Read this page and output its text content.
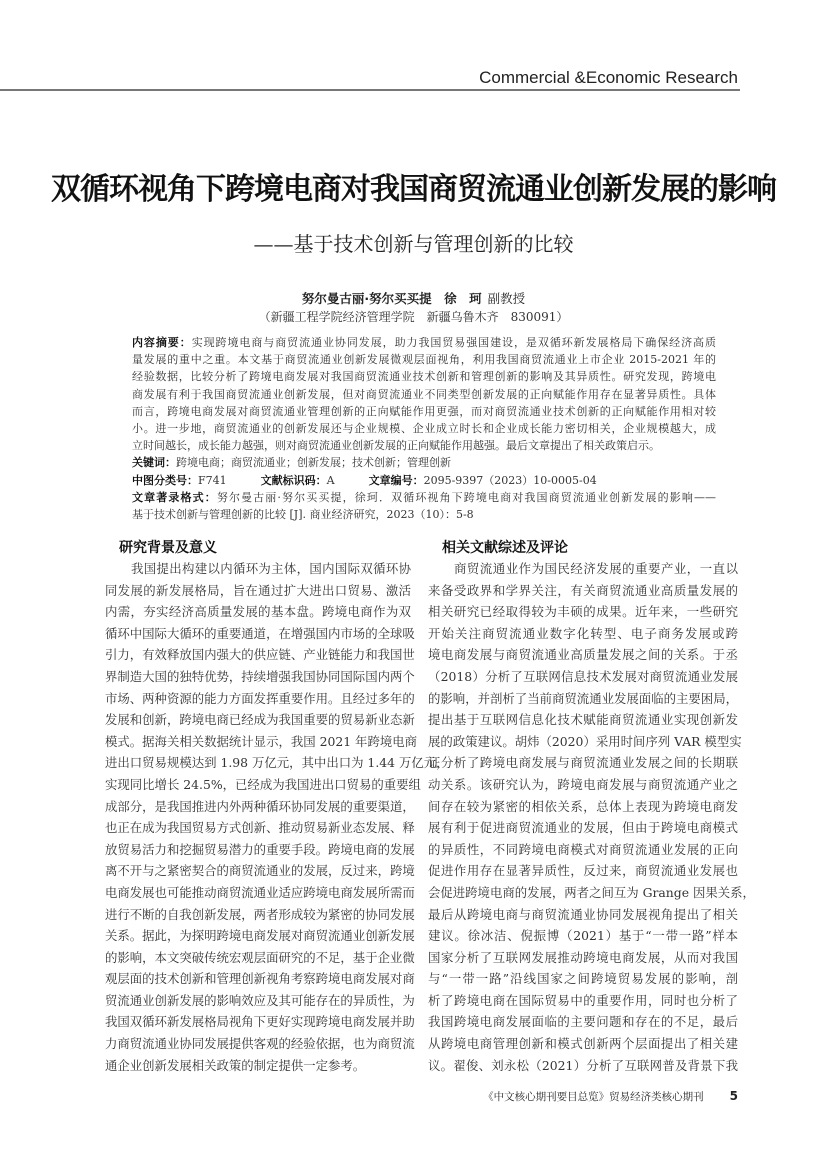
Commercial &Economic Research
双循环视角下跨境电商对我国商贸流通业创新发展的影响
——基于技术创新与管理创新的比较
努尔曼古丽·努尔买买提　徐　珂 副教授
（新疆工程学院经济管理学院　新疆乌鲁木齐　830091）
内容摘要：实现跨境电商与商贸流通业协同发展，助力我国贸易强国建设，是双循环新发展格局下确保经济高质
量发展的重中之重。本文基于商贸流通业创新发展微观层面视角，利用我国商贸流通业上市企业 2015-2021 年的
经验数据，比较分析了跨境电商发展对我国商贸流通业技术创新和管理创新的影响及其异质性。研究发现，跨境电
商发展有利于我国商贸流通业创新发展，但对商贸流通业不同类型创新发展的正向赋能作用存在显著异质性。具体
而言，跨境电商发展对商贸流通业管理创新的正向赋能作用更强，而对商贸流通业技术创新的正向赋能作用相对较
小。进一步地，商贸流通业的创新发展还与企业规模、企业成立时长和企业成长能力密切相关，企业规模越大，成
立时间越长，成长能力越强，则对商贸流通业创新发展的正向赋能作用越强。最后文章提出了相关政策启示。
关键词：跨境电商；商贸流通业；创新发展；技术创新；管理创新
中图分类号：F741	文献标识码：A	文章编号：2095-9397（2023）10-0005-04
文章著录格式：努尔曼古丽·努尔买买提，徐珂．双循环视角下跨境电商对我国商贸流通业创新发展的影响——
基于技术创新与管理创新的比较 [J]. 商业经济研究，2023（10）：5-8
研究背景及意义
我国提出构建以内循环为主体，国内国际双循环协
同发展的新发展格局，旨在通过扩大进出口贸易、激活
内需，夯实经济高质量发展的基本盘。跨境电商作为双
循环中国际大循环的重要通道，在增强国内市场的全球吸
引力，有效释放国内强大的供应链、产业链能力和我国世
界制造大国的独特优势，持续增强我国协同国际国内两个
市场、两种资源的能力方面发挥重要作用。且经过多年的
发展和创新，跨境电商已经成为我国重要的贸易新业态新
模式。据海关相关数据统计显示，我国 2021 年跨境电商
进出口贸易规模达到 1.98 万亿元，其中出口为 1.44 万亿元，
实现同比增长 24.5%，已经成为我国进出口贸易的重要组
成部分，是我国推进内外两种循环协同发展的重要渠道，
也正在成为我国贸易方式创新、推动贸易新业态发展、释
放贸易活力和挖掘贸易潜力的重要手段。跨境电商的发展
离不开与之紧密契合的商贸流通业的发展，反过来，跨境
电商发展也可能推动商贸流通业适应跨境电商发展所需而
进行不断的自我创新发展，两者形成较为紧密的协同发展
关系。据此，为探明跨境电商发展对商贸流通业创新发展
的影响，本文突破传统宏观层面研究的不足，基于企业微
观层面的技术创新和管理创新视角考察跨境电商发展对商
贸流通业创新发展的影响效应及其可能存在的异质性，为
我国双循环新发展格局视角下更好实现跨境电商发展并助
力商贸流通业协同发展提供客观的经验依据，也为商贸流
通企业创新发展相关政策的制定提供一定参考。
相关文献综述及评论
商贸流通业作为国民经济发展的重要产业，一直以
来备受政界和学界关注，有关商贸流通业高质量发展的
相关研究已经取得较为丰硕的成果。近年来，一些研究
开始关注商贸流通业数字化转型、电子商务发展或跨
境电商发展与商贸流通业高质量发展之间的关系。于丞
（2018）分析了互联网信息技术发展对商贸流通业发展
的影响，并剖析了当前商贸流通业发展面临的主要困局，
提出基于互联网信息化技术赋能商贸流通业实现创新发
展的政策建议。胡炜（2020）采用时间序列 VAR 模型实
证分析了跨境电商发展与商贸流通业发展之间的长期联
动关系。该研究认为，跨境电商发展与商贸流通产业之
间存在较为紧密的相依关系，总体上表现为跨境电商发
展有利于促进商贸流通业的发展，但由于跨境电商模式
的异质性，不同跨境电商模式对商贸流通业发展的正向
促进作用存在显著异质性，反过来，商贸流通业发展也
会促进跨境电商的发展，两者之间互为 Grange 因果关系，
最后从跨境电商与商贸流通业协同发展视角提出了相关
建议。徐冰洁、倪振博（2021）基于“一带一路”样本
国家分析了互联网发展推动跨境电商发展，从而对我国
与“一带一路”沿线国家之间跨境贸易发展的影响，剖
析了跨境电商在国际贸易中的重要作用，同时也分析了
我国跨境电商发展面临的主要问题和存在的不足，最后
从跨境电商管理创新和模式创新两个层面提出了相关建
议。翟俊、刘永松（2021）分析了互联网普及背景下我
《中文核心期刊要目总览》贸易经济类核心期刊 5
